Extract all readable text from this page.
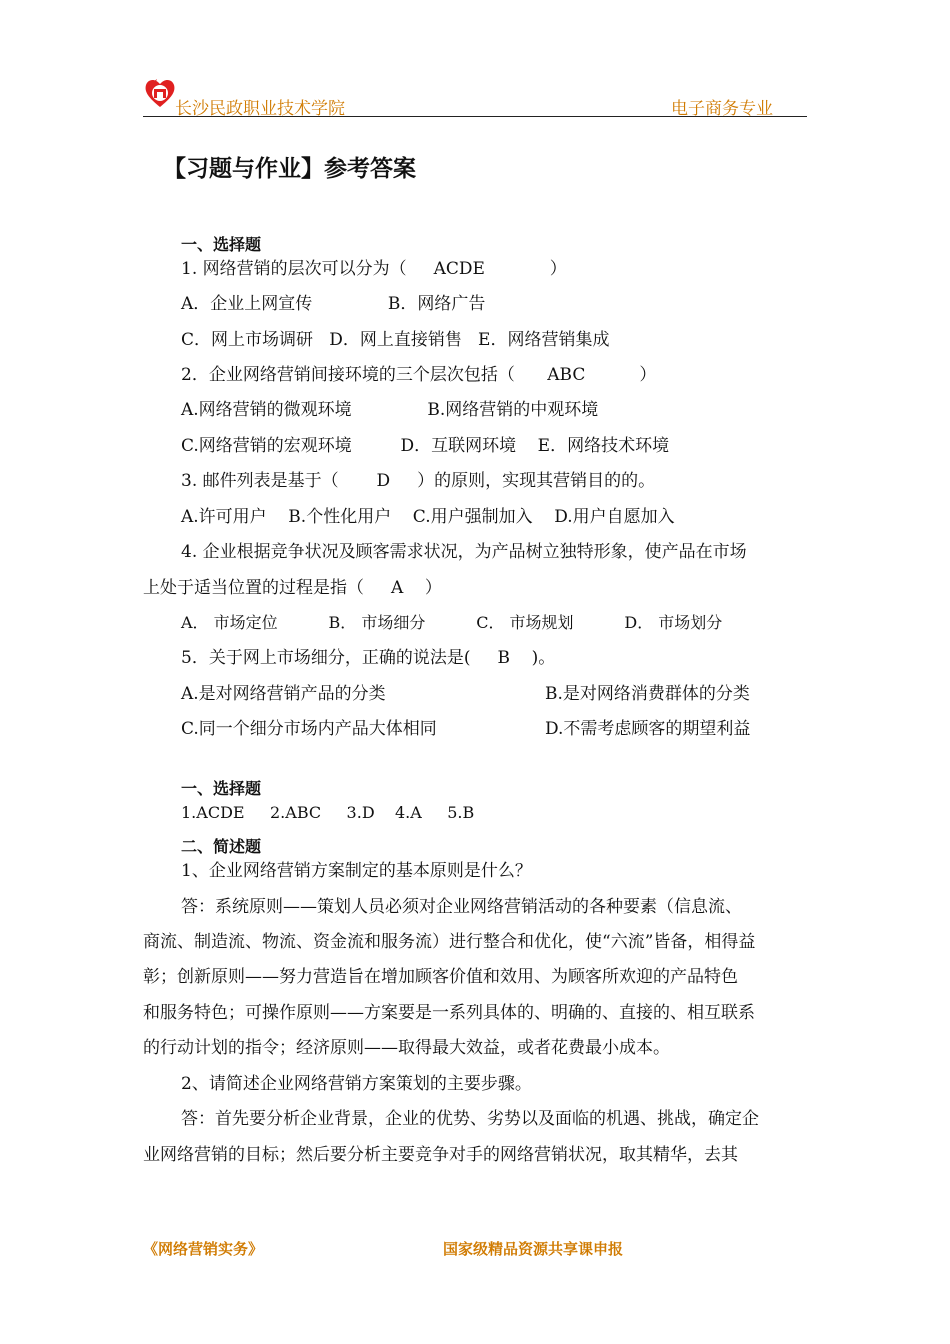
长沙民政职业技术学院	电子商务专业
【习题与作业】参考答案
一、选择题
1. 网络营销的层次可以分为（     ACDE            ）
A．企业上网宣传              B．网络广告
C．网上市场调研   D．网上直接销售   E．网络营销集成
2．企业网络营销间接环境的三个层次包括（      ABC          ）
A.网络营销的微观环境              B.网络营销的中观环境
C.网络营销的宏观环境         D．互联网环境    E．网络技术环境
3. 邮件列表是基于（       D     ）的原则，实现其营销目的的。
A.许可用户    B.个性化用户    C.用户强制加入    D.用户自愿加入
4. 企业根据竞争状况及顾客需求状况，为产品树立独特形象，使产品在市场
上处于适当位置的过程是指（     A    ）
A． 市场定位          B． 市场细分          C． 市场规划          D． 市场划分
5．关于网上市场细分，正确的说法是(     B    )。
A.是对网络营销产品的分类	B.是对网络消费群体的分类
C.同一个细分市场内产品大体相同	D.不需考虑顾客的期望利益
一、选择题
1.ACDE     2.ABC     3.D    4.A     5.B
二、简述题
1、企业网络营销方案制定的基本原则是什么？
答：系统原则——策划人员必须对企业网络营销活动的各种要素（信息流、
商流、制造流、物流、资金流和服务流）进行整合和优化，使“六流”皆备，相得益
彰；创新原则——努力营造旨在增加顾客价值和效用、为顾客所欢迎的产品特色
和服务特色；可操作原则——方案要是一系列具体的、明确的、直接的、相互联系
的行动计划的指令；经济原则——取得最大效益，或者花费最小成本。
2、请简述企业网络营销方案策划的主要步骤。
答：首先要分析企业背景，企业的优势、劣势以及面临的机遇、挑战，确定企
业网络营销的目标；然后要分析主要竞争对手的网络营销状况，取其精华，去其
《网络营销实务》	国家级精品资源共享课申报
